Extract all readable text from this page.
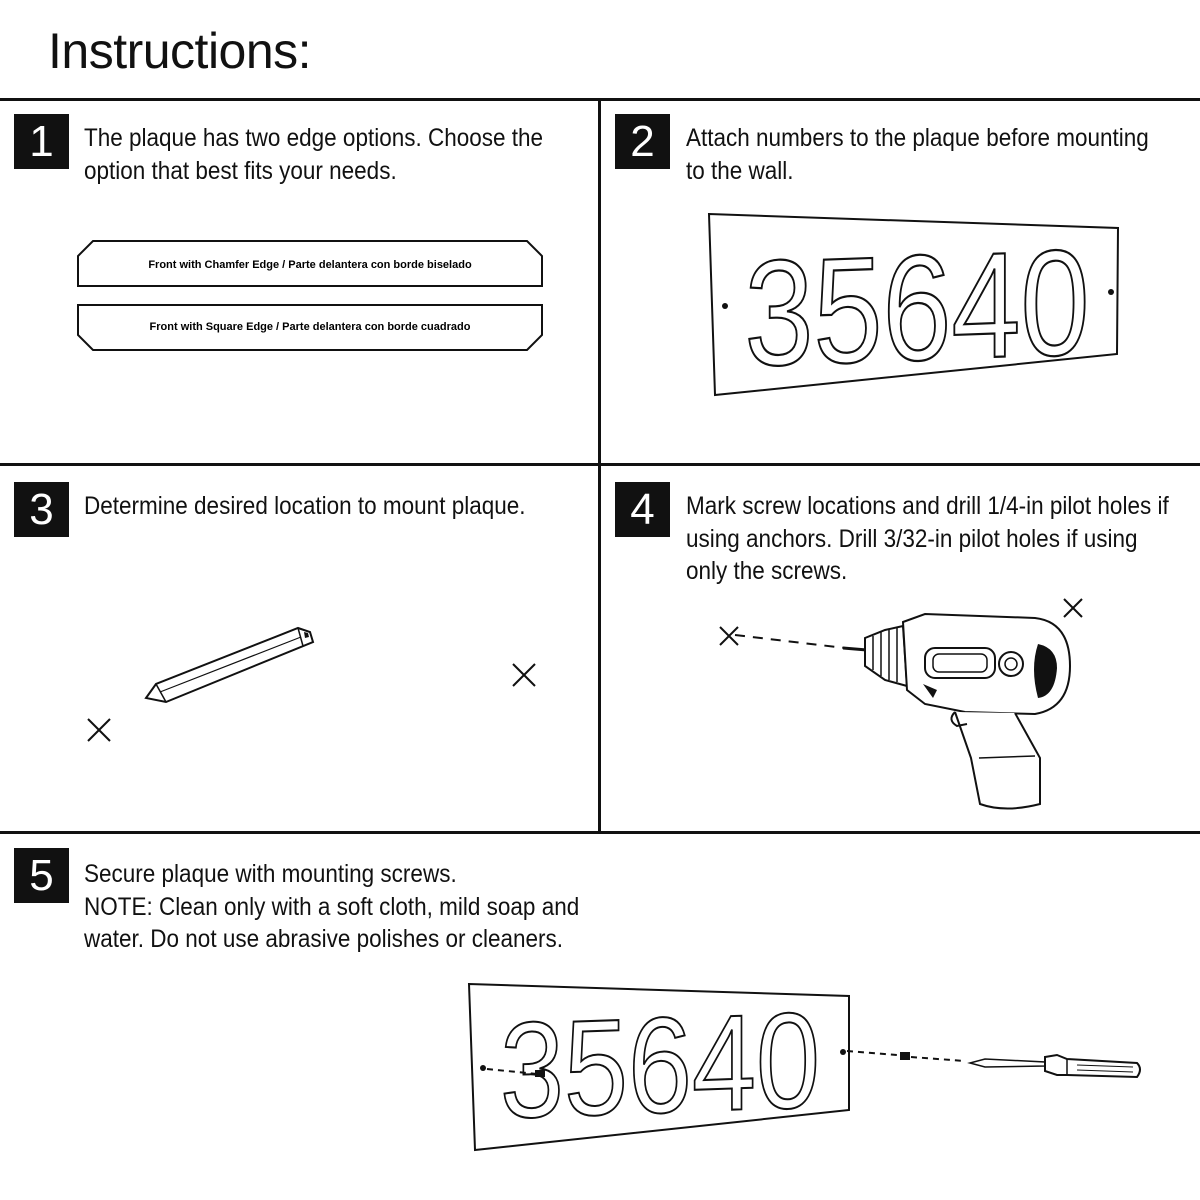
Instructions:
1	The plaque has two edge options. Choose the
option that best fits your needs.
Front with Chamfer Edge / Parte delantera con borde biselado
Front with Square Edge / Parte delantera con borde cuadrado
2	Attach numbers to the plaque before mounting
to the wall.
35640
3	Determine desired location to mount plaque.	4	Mark screw locations and drill 1/4-in pilot holes if
using anchors. Drill 3/32-in pilot holes if using
only the screws.
5	Secure plaque with mounting screws.
NOTE: Clean only with a soft cloth, mild soap and
water. Do not use abrasive polishes or cleaners.
35640
